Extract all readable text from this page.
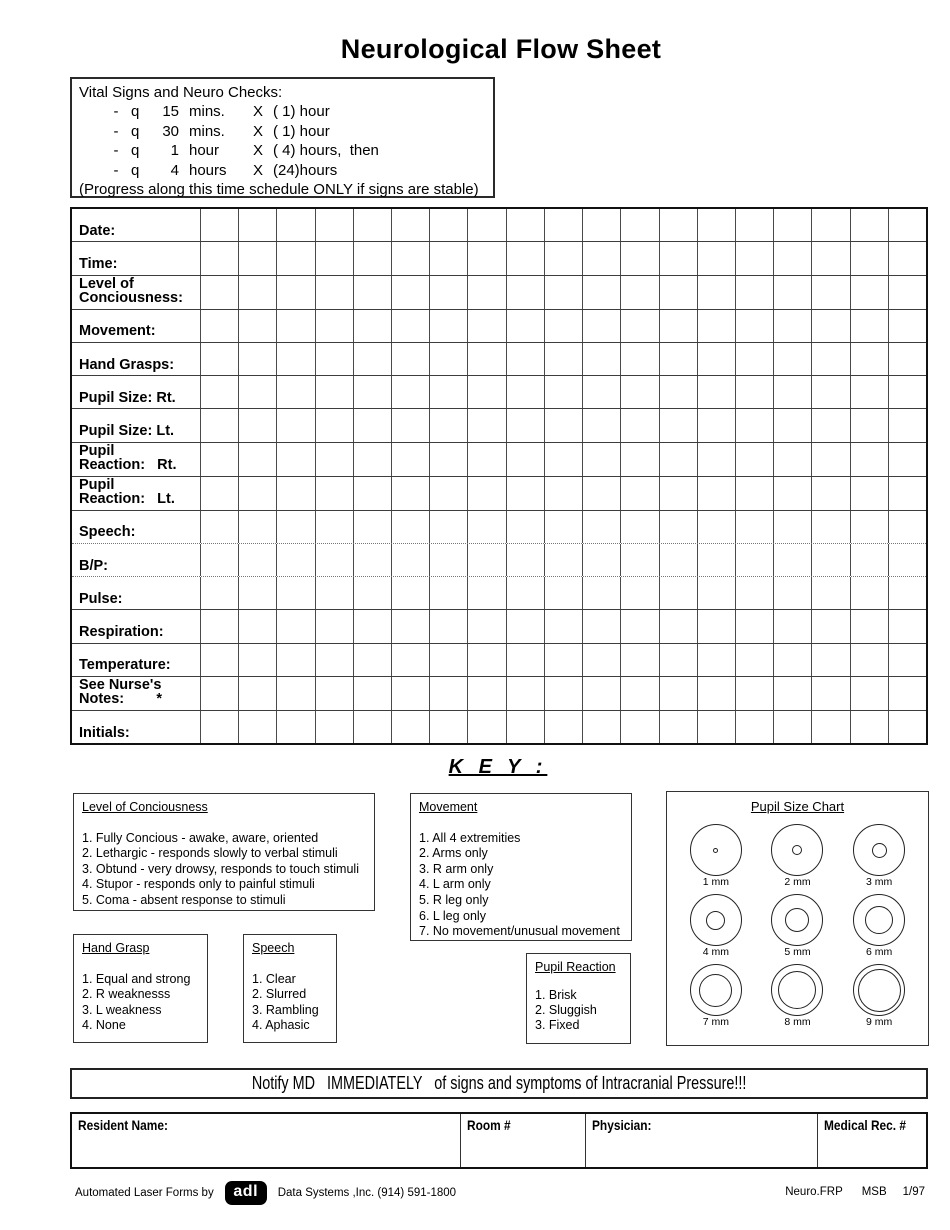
Neurological Flow Sheet
Vital Signs and Neuro Checks:
- q	15 mins.	X ( 1) hour
- q	30 mins.	X ( 1) hour
- q	1 hour	X ( 4) hours,  then
- q	4 hours	X (24)hours
(Progress along this time schedule ONLY if signs are stable)
Date:
Time:
Level of
Conciousness:
Movement:
Hand Grasps:
Pupil Size: Rt.
Pupil Size: Lt.
Pupil
Reaction:   Rt.
Pupil
Reaction:   Lt.
Speech:
B/P:
Pulse:
Respiration:
Temperature:
See Nurse's
Notes:        *
Initials:
K E Y :
Level of Conciousness
1. Fully Concious - awake, aware, oriented
2. Lethargic - responds slowly to verbal stimuli
3. Obtund - very drowsy, responds to touch stimuli
4. Stupor - responds only to painful stimuli
5. Coma - absent response to stimuli
Movement
1. All 4 extremities
2. Arms only
3. R arm only
4. L arm only
5. R leg only
6. L leg only
7. No movement/unusual movement
Pupil Size Chart
1 mm	2 mm	3 mm
4 mm	5 mm	6 mm
7 mm	8 mm	9 mm
Hand Grasp
1. Equal and strong
2. R weaknesss
3. L weakness
4. None
Speech
1. Clear
2. Slurred
3. Rambling
4. Aphasic
Pupil Reaction
1. Brisk
2. Sluggish
3. Fixed
Notify MD   IMMEDIATELY   of signs and symptoms of Intracranial Pressure!!!
Resident Name:	Room #	Physician:	Medical Rec. #
Automated Laser Forms by	adl	Data Systems ,Inc. (914) 591-1800	Neuro.FRP      MSB     1/97
